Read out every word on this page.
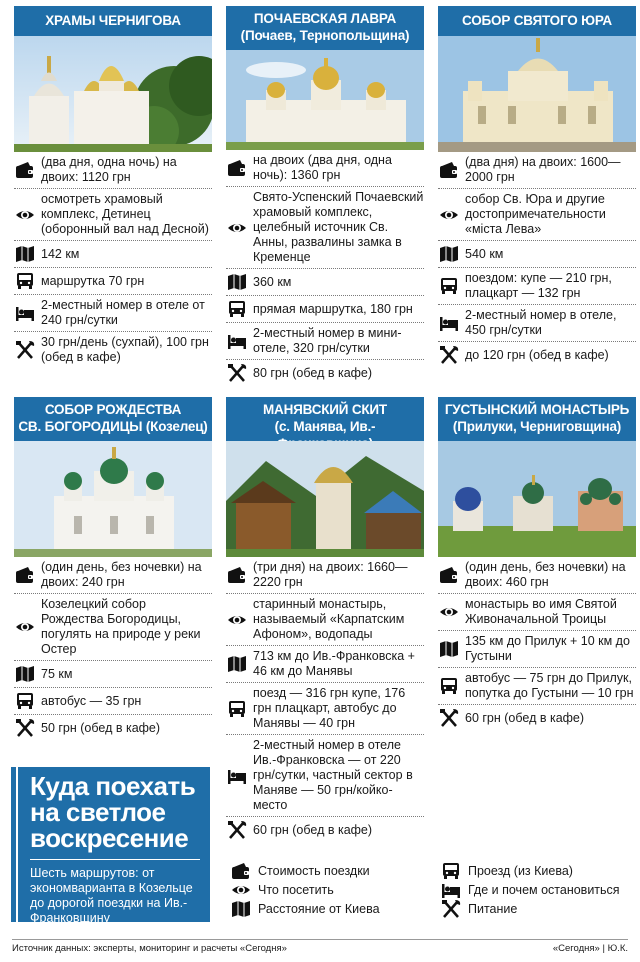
ХРАМЫ ЧЕРНИГОВА
(два дня, одна ночь) на двоих: 1120 грн
осмотреть храмовый комплекс, Детинец (оборонный вал над Десной)
142 км
маршрутка 70 грн
2-местный номер в отеле от 240 грн/сутки
30 грн/день (сухпай), 100 грн (обед в кафе)
ПОЧАЕВСКАЯ ЛАВРА
(Почаев, Тернопольщина)
на двоих (два дня, одна ночь): 1360 грн
Свято-Успенский Почаевский храмовый комплекс, целебный источник Св. Анны, развалины замка в Кременце
360 км
прямая маршрутка, 180 грн
2-местный номер в мини-отеле, 320 грн/сутки
80 грн (обед в кафе)
СОБОР СВЯТОГО ЮРА
(два дня) на двоих: 1600—2000 грн
собор Св. Юра и другие достопримечательности «міста Лева»
540 км
поездом: купе — 210 грн, плацкарт — 132 грн
2-местный номер в отеле, 450 грн/сутки
до 120 грн (обед в кафе)
СОБОР РОЖДЕСТВА
СВ. БОГОРОДИЦЫ (Козелец)
(один день, без ночевки) на двоих: 240 грн
Козелецкий собор Рождества Богородицы, погулять на природе у реки Остер
75 км
автобус — 35 грн
50 грн (обед в кафе)
МАНЯВСКИЙ СКИТ
(с. Манява, Ив.-
(три дня) на двоих: 1660—2220 грн
старинный монастырь, называемый «Карпатским Афоном», водопады
713 км до Ив.-Франковска + 46 км до Манявы
поезд — 316 грн купе, 176 грн плацкарт, автобус до Манявы — 40 грн
2-местный номер в отеле Ив.-Франковска — от 220 грн/сутки, частный сектор в Маняве — 50 грн/койко-место
60 грн (обед в кафе)
ГУСТЫНСКИЙ МОНАСТЫРЬ
(Прилуки, Черниговщина)
(один день, без ночевки) на двоих: 460 грн
монастырь во имя Святой Живоначальной Троицы
135 км до Прилук + 10 км до Густыни
автобус — 75 грн до Прилук, попутка до Густыни — 10 грн
60 грн (обед в кафе)
Куда поехать на светлое воскресение
Шесть маршрутов: от экономварианта в Козельце до дорогой поездки на Ив.-Франковщину
Стоимость поездки
Что посетить
Расстояние от Киева
Проезд (из Киева)
Где и почем остановиться
Питание
Источник данных: эксперты, мониторинг и расчеты «Сегодня»	«Сегодня» | Ю.К.
